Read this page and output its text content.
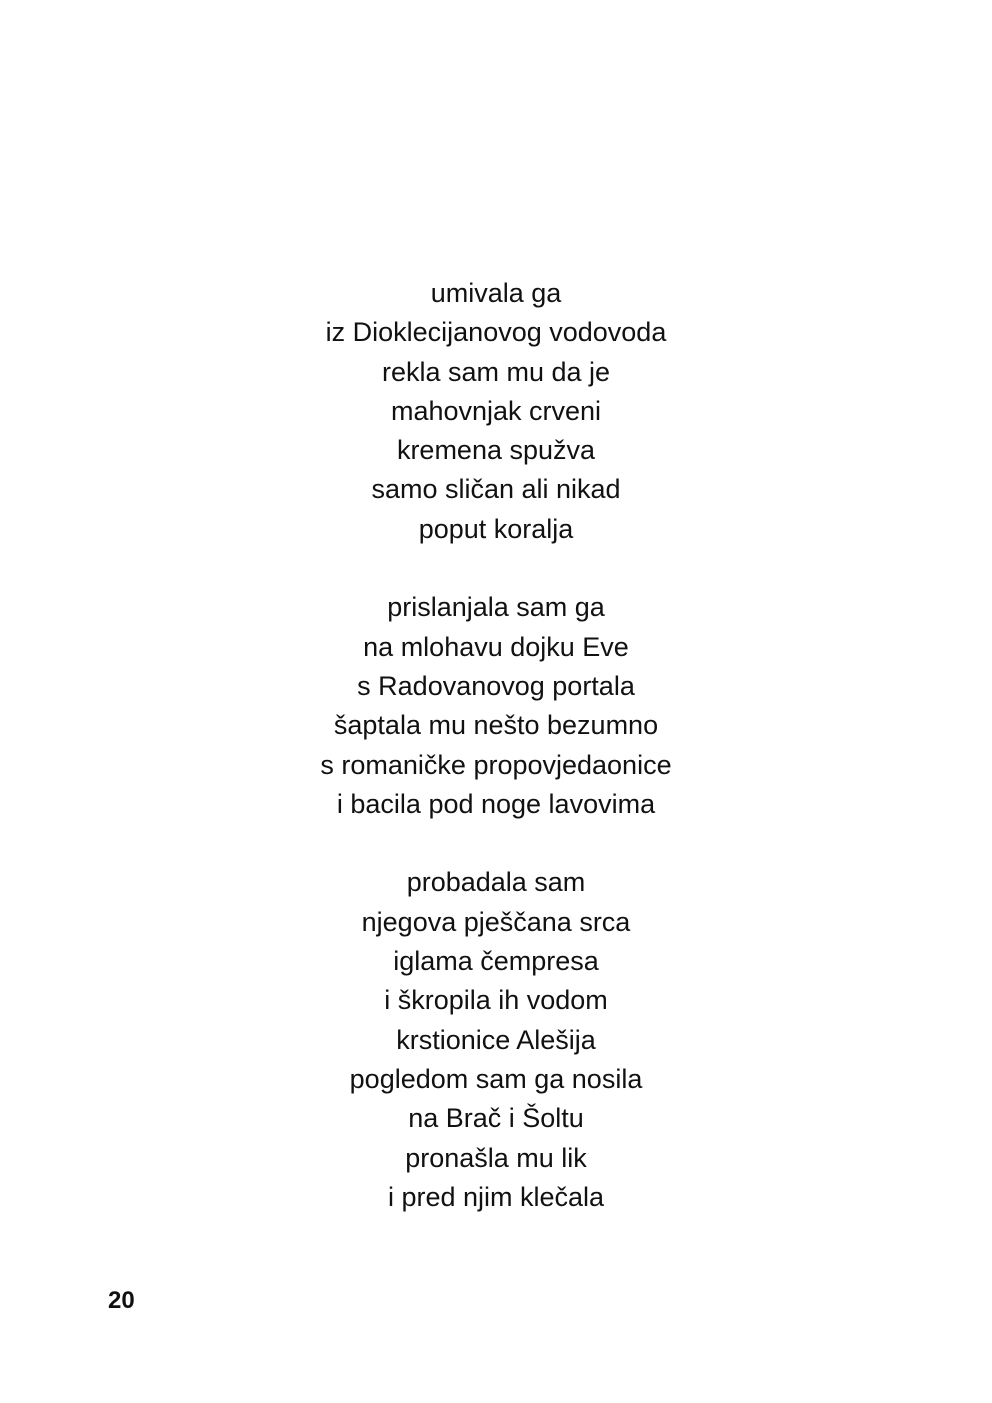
umivala ga
iz Dioklecijanovog vodovoda
rekla sam mu da je
mahovnjak crveni
kremena spužva
samo sličan ali nikad
poput koralja
prislanjala sam ga
na mlohavu dojku Eve
s Radovanovog portala
šaptala mu nešto bezumno
s romaničke propovjedaonice
i bacila pod noge lavovima
probadala sam
njegova pješčana srca
iglama čempresa
i škropila ih vodom
krstionice Alešija
pogledom sam ga nosila
na Brač i Šoltu
pronašla mu lik
i pred njim klečala
20
